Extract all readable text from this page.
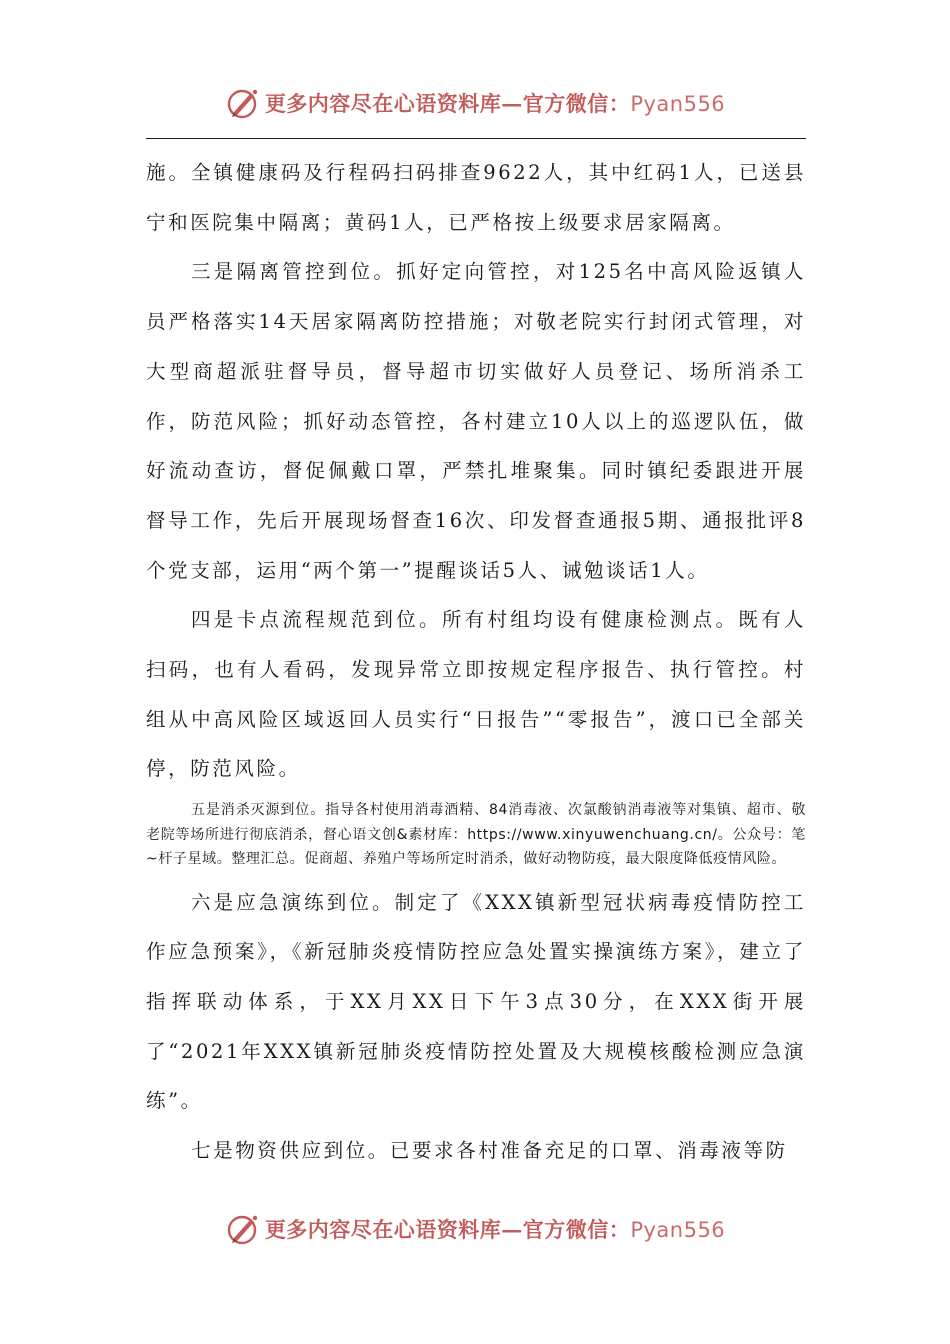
更多内容尽在心语资料库—官方微信：Pyan556

施。全镇健康码及行程码扫码排查9622人，其中红码1人，已送县宁和医院集中隔离；黄码1人，已严格按上级要求居家隔离。

三是隔离管控到位。抓好定向管控，对125名中高风险返镇人员严格落实14天居家隔离防控措施；对敬老院实行封闭式管理，对大型商超派驻督导员，督导超市切实做好人员登记、场所消杀工作，防范风险；抓好动态管控，各村建立10人以上的巡逻队伍，做好流动查访，督促佩戴口罩，严禁扎堆聚集。同时镇纪委跟进开展督导工作，先后开展现场督查16次、印发督查通报5期、通报批评8个党支部，运用“两个第一”提醒谈话5人、诫勉谈话1人。

四是卡点流程规范到位。所有村组均设有健康检测点。既有人扫码，也有人看码，发现异常立即按规定程序报告、执行管控。村组从中高风险区域返回人员实行“日报告”“零报告”，渡口已全部关停，防范风险。

五是消杀灭源到位。指导各村使用消毒酒精、84消毒液、次氯酸钠消毒液等对集镇、超市、敬老院等场所进行彻底消杀，督心语文创&素材库：https://www.xinyuwenchuang.cn/。公众号：笔~杆子星域。整理汇总。促商超、养殖户等场所定时消杀，做好动物防疫，最大限度降低疫情风险。

六是应急演练到位。制定了《XXX镇新型冠状病毒疫情防控工作应急预案》，《新冠肺炎疫情防控应急处置实操演练方案》，建立了指挥联动体系，于XX月XX日下午3点30分，在XXX街开展了“2021年XXX镇新冠肺炎疫情防控处置及大规模核酸检测应急演练”。

七是物资供应到位。已要求各村准备充足的口罩、消毒液等防

更多内容尽在心语资料库—官方微信：Pyan556
